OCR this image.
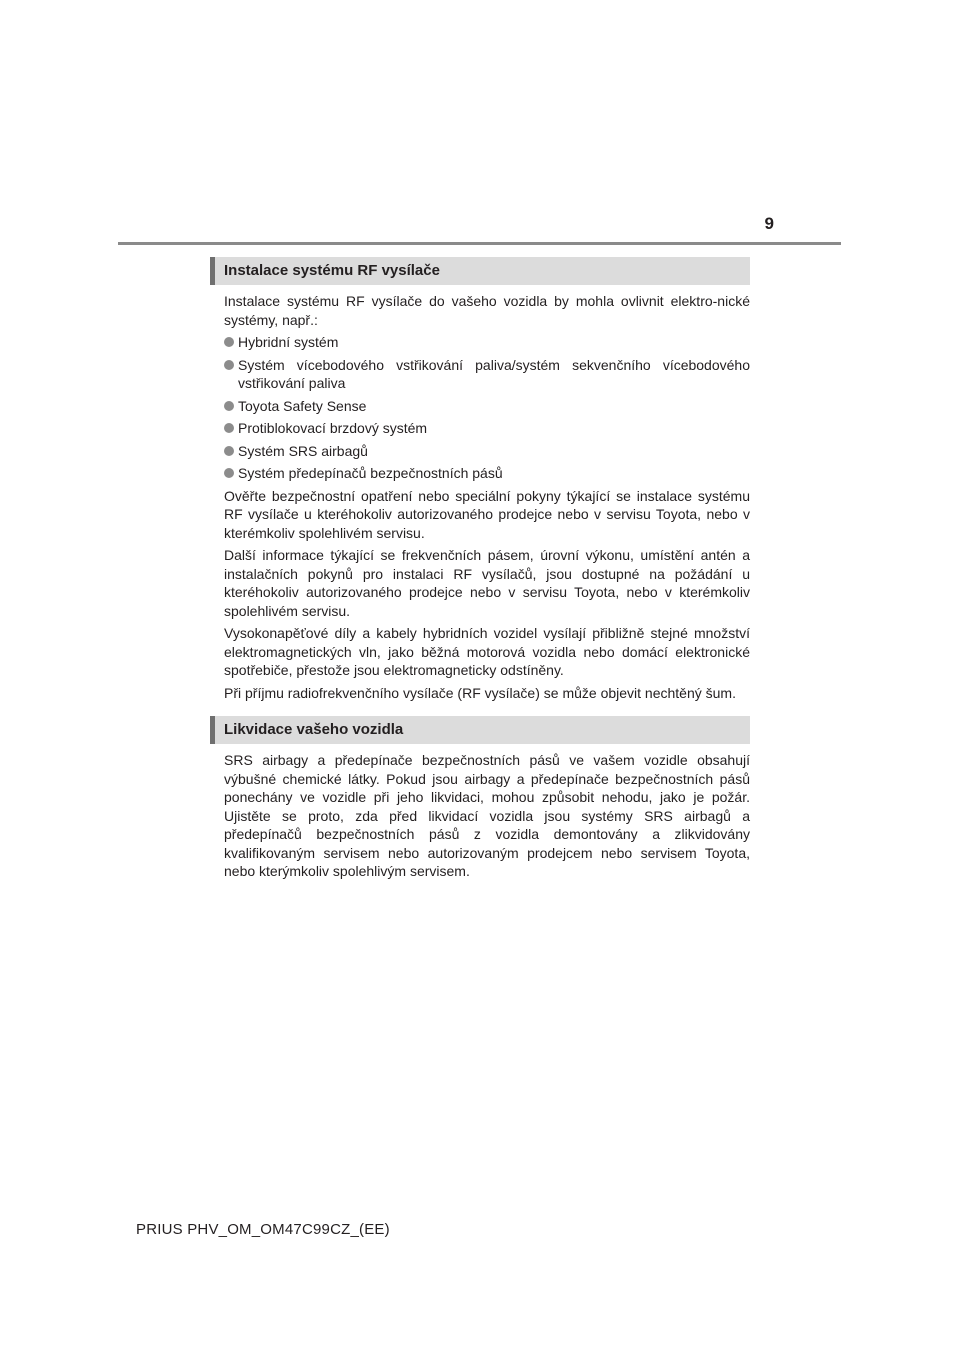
9
Instalace systému RF vysílače

Instalace systému RF vysílače do vašeho vozidla by mohla ovlivnit elektro-nické systémy, např.:

Hybridní systém
Systém vícebodového vstřikování paliva/systém sekvenčního vícebodového vstřikování paliva
Toyota Safety Sense
Protiblokovací brzdový systém
Systém SRS airbagů
Systém předepínačů bezpečnostních pásů

Ověřte bezpečnostní opatření nebo speciální pokyny týkající se instalace systému RF vysílače u kteréhokoliv autorizovaného prodejce nebo v servisu Toyota, nebo v kterémkoliv spolehlivém servisu.

Další informace týkající se frekvenčních pásem, úrovní výkonu, umístění antén a instalačních pokynů pro instalaci RF vysílačů, jsou dostupné na požádání u kteréhokoliv autorizovaného prodejce nebo v servisu Toyota, nebo v kterémkoliv spolehlivém servisu.

Vysokonapěťové díly a kabely hybridních vozidel vysílají přibližně stejné množství elektromagnetických vln, jako běžná motorová vozidla nebo domácí elektronické spotřebiče, přestože jsou elektromagneticky odstíněny.

Při příjmu radiofrekvenčního vysílače (RF vysílače) se může objevit nechtěný šum.

Likvidace vašeho vozidla

SRS airbagy a předepínače bezpečnostních pásů ve vašem vozidle obsahují výbušné chemické látky. Pokud jsou airbagy a předepínače bezpečnostních pásů ponechány ve vozidle při jeho likvidaci, mohou způsobit nehodu, jako je požár. Ujistěte se proto, zda před likvidací vozidla jsou systémy SRS airbagů a předepínačů bezpečnostních pásů z vozidla demontovány a zlikvidovány kvalifikovaným servisem nebo autorizovaným prodejcem nebo servisem Toyota, nebo kterýmkoliv spolehlivým servisem.

PRIUS PHV_OM_OM47C99CZ_(EE)
